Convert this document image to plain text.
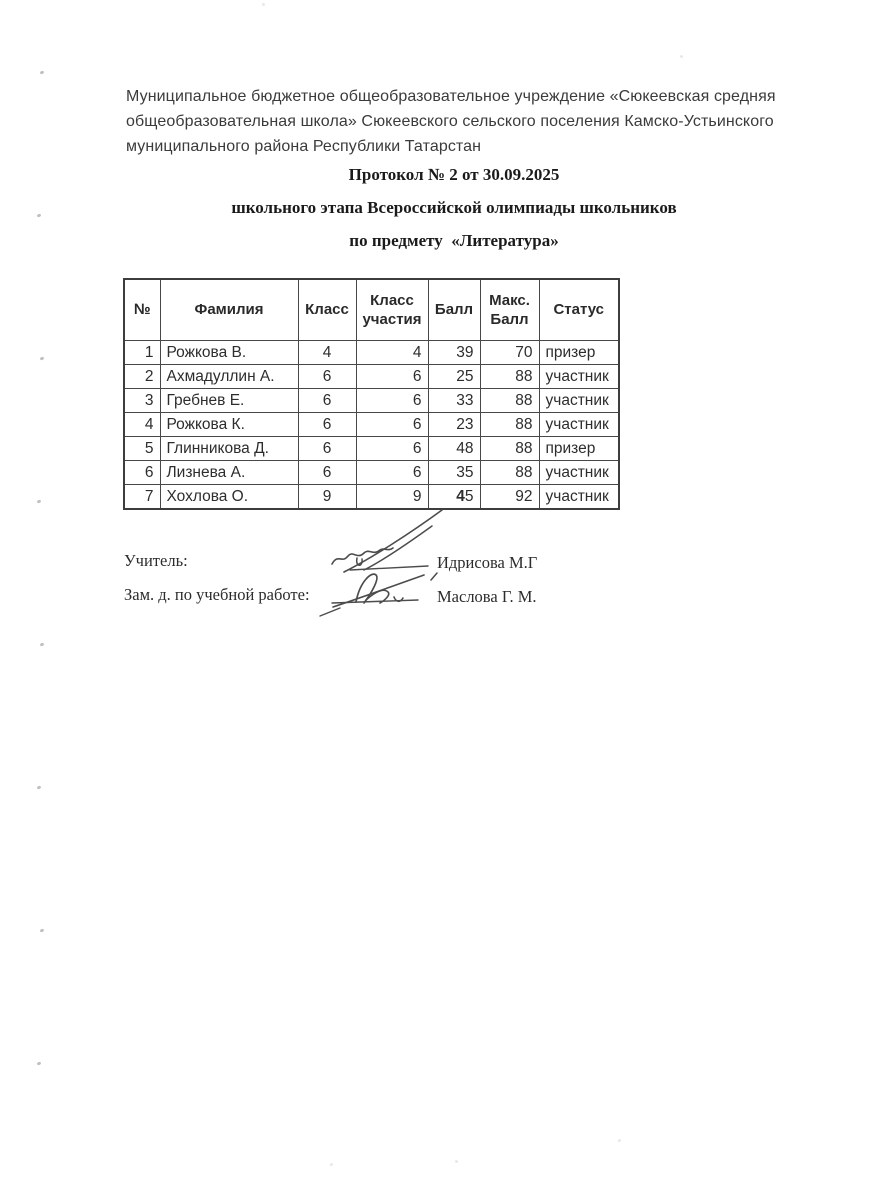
Муниципальное бюджетное общеобразовательное учреждение «Сюкеевская средняя общеобразовательная школа» Сюкеевского сельского поселения Камско-Устьинского муниципального района Республики Татарстан
Протокол № 2 от 30.09.2025
школьного этапа Всероссийской олимпиады школьников
по предмету  «Литература»
№	Фамилия	Класс	Класс участия	Балл	Макс. Балл	Статус
1	Рожкова В.	4	4	39	70	призер
2	Ахмадуллин А.	6	6	25	88	участник
3	Гребнев Е.	6	6	33	88	участник
4	Рожкова К.	6	6	23	88	участник
5	Глинникова Д.	6	6	48	88	призер
6	Лизнева А.	6	6	35	88	участник
7	Хохлова О.	9	9	45	92	участник
Учитель:
Зам. д. по учебной работе:
Идрисова М.Г
Маслова Г. М.
